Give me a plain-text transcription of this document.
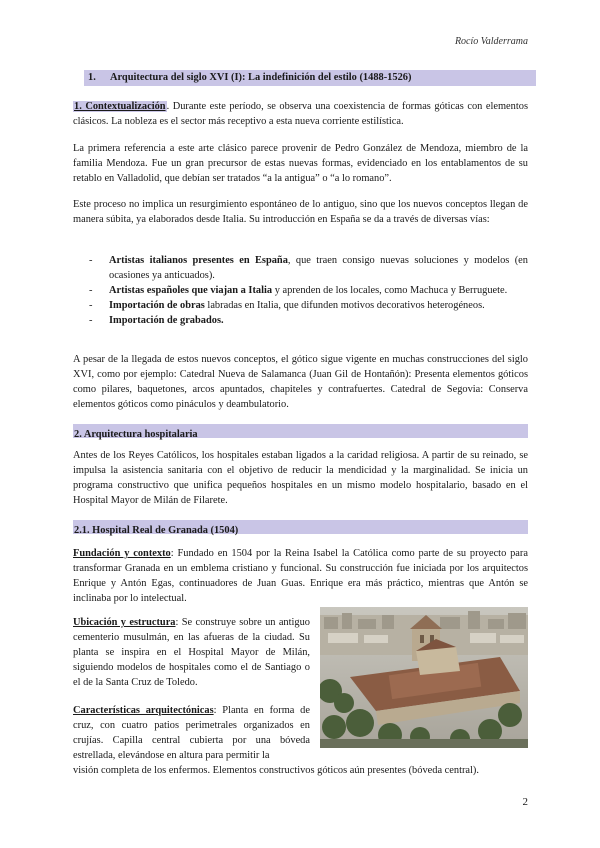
Rocío Valderrama
1. Arquitectura del siglo XVI (I): La indefinición del estilo (1488-1526)
1. Contextualización. Durante este período, se observa una coexistencia de formas góticas con elementos clásicos. La nobleza es el sector más receptivo a esta nueva corriente estilística.
La primera referencia a este arte clásico parece provenir de Pedro González de Mendoza, miembro de la familia Mendoza. Fue un gran precursor de estas nuevas formas, evidenciado en los entablamentos de su retablo en Valladolid, que debían ser tratados “a la antigua” o “a lo romano”.
Este proceso no implica un resurgimiento espontáneo de lo antiguo, sino que los nuevos conceptos llegan de manera súbita, ya elaborados desde Italia. Su introducción en España se da a través de diversas vías:
- Artistas italianos presentes en España, que traen consigo nuevas soluciones y modelos (en ocasiones ya anticuados).
- Artistas españoles que viajan a Italia y aprenden de los locales, como Machuca y Berruguete.
- Importación de obras labradas en Italia, que difunden motivos decorativos heterogéneos.
- Importación de grabados.
A pesar de la llegada de estos nuevos conceptos, el gótico sigue vigente en muchas construcciones del siglo XVI, como por ejemplo: Catedral Nueva de Salamanca (Juan Gil de Hontañón): Presenta elementos góticos como pilares, baquetones, arcos apuntados, chapiteles y contrafuertes. Catedral de Segovia: Conserva elementos góticos como pináculos y deambulatorio.
2. Arquitectura hospitalaria
Antes de los Reyes Católicos, los hospitales estaban ligados a la caridad religiosa. A partir de su reinado, se impulsa la asistencia sanitaria con el objetivo de reducir la mendicidad y la marginalidad. Se inicia un programa constructivo que unifica pequeños hospitales en un mismo modelo hospitalario, basado en el Hospital Mayor de Milán de Filarete.
2.1. Hospital Real de Granada (1504)
Fundación y contexto: Fundado en 1504 por la Reina Isabel la Católica como parte de su proyecto para transformar Granada en un emblema cristiano y funcional. Su construcción fue iniciada por los arquitectos Enrique y Antón Egas, continuadores de Juan Guas. Enrique era más práctico, mientras que Antón se inclinaba por lo intelectual.
Ubicación y estructura: Se construye sobre un antiguo cementerio musulmán, en las afueras de la ciudad. Su planta se inspira en el Hospital Mayor de Milán, siguiendo modelos de hospitales como el de Santiago o el de la Santa Cruz de Toledo.
Características arquitectónicas: Planta en forma de cruz, con cuatro patios perimetrales organizados en crujías. Capilla central cubierta por una bóveda estrellada, elevándose en altura para permitir la
visión completa de los enfermos. Elementos constructivos góticos aún presentes (bóveda central).
2
